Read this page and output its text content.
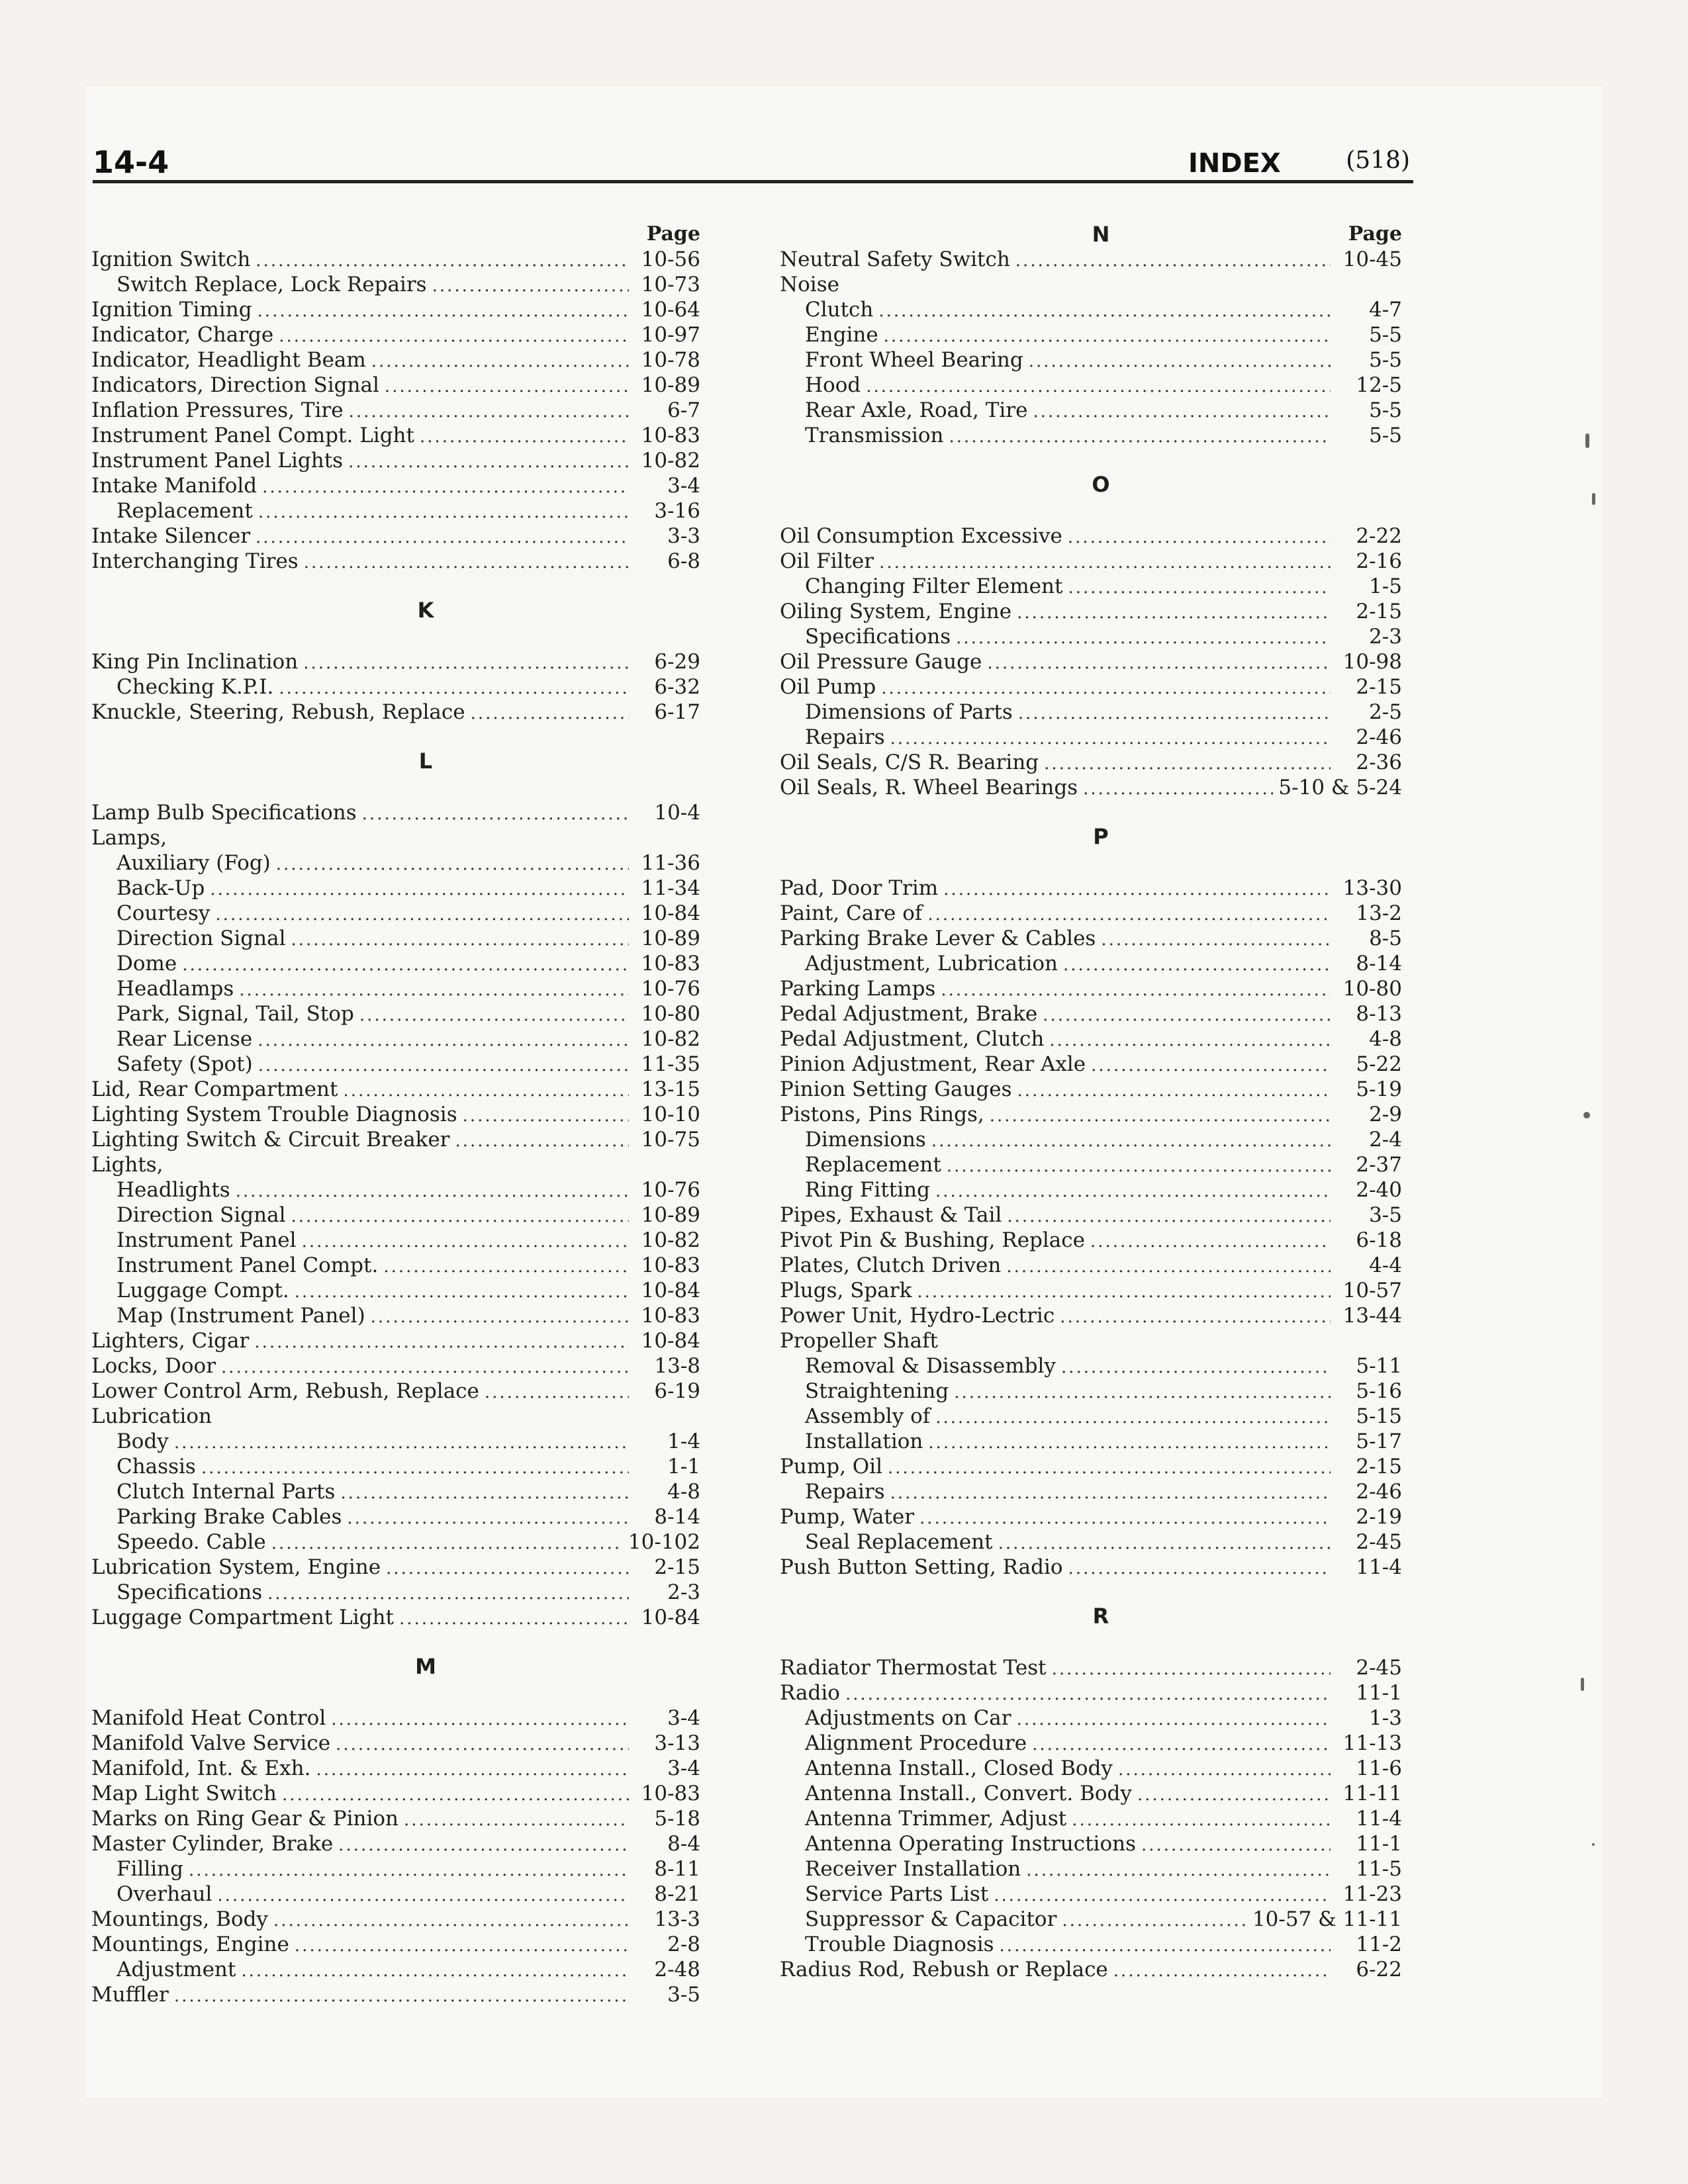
14-4	INDEX	(518)
Page
Ignition Switch .....	10-56
Switch Replace, Lock Repairs .....	10-73
Ignition Timing .....	10-64
Indicator, Charge .....	10-97
Indicator, Headlight Beam .....	10-78
Indicators, Direction Signal .....	10-89
Inflation Pressures, Tire .....	6-7
Instrument Panel Compt. Light .....	10-83
Instrument Panel Lights .....	10-82
Intake Manifold .....	3-4
Replacement .....	3-16
Intake Silencer .....	3-3
Interchanging Tires .....	6-8
K
King Pin Inclination .....	6-29
Checking K.P.I. .....	6-32
Knuckle, Steering, Rebush, Replace .....	6-17
L
Lamp Bulb Specifications .....	10-4
Lamps,
Auxiliary (Fog) .....	11-36
Back-Up .....	11-34
Courtesy .....	10-84
Direction Signal .....	10-89
Dome .....	10-83
Headlamps .....	10-76
Park, Signal, Tail, Stop .....	10-80
Rear License .....	10-82
Safety (Spot) .....	11-35
Lid, Rear Compartment .....	13-15
Lighting System Trouble Diagnosis .....	10-10
Lighting Switch & Circuit Breaker .....	10-75
Lights,
Headlights .....	10-76
Direction Signal .....	10-89
Instrument Panel .....	10-82
Instrument Panel Compt. .....	10-83
Luggage Compt. .....	10-84
Map (Instrument Panel) .....	10-83
Lighters, Cigar .....	10-84
Locks, Door .....	13-8
Lower Control Arm, Rebush, Replace .....	6-19
Lubrication
Body .....	1-4
Chassis .....	1-1
Clutch Internal Parts .....	4-8
Parking Brake Cables .....	8-14
Speedo. Cable .....	10-102
Lubrication System, Engine .....	2-15
Specifications .....	2-3
Luggage Compartment Light .....	10-84
M
Manifold Heat Control .....	3-4
Manifold Valve Service .....	3-13
Manifold, Int. & Exh. .....	3-4
Map Light Switch .....	10-83
Marks on Ring Gear & Pinion .....	5-18
Master Cylinder, Brake .....	8-4
Filling .....	8-11
Overhaul .....	8-21
Mountings, Body .....	13-3
Mountings, Engine .....	2-8
Adjustment .....	2-48
Muffler .....	3-5
Page
N
Neutral Safety Switch .....	10-45
Noise
Clutch .....	4-7
Engine .....	5-5
Front Wheel Bearing .....	5-5
Hood .....	12-5
Rear Axle, Road, Tire .....	5-5
Transmission .....	5-5
O
Oil Consumption Excessive .....	2-22
Oil Filter .....	2-16
Changing Filter Element .....	1-5
Oiling System, Engine .....	2-15
Specifications .....	2-3
Oil Pressure Gauge .....	10-98
Oil Pump .....	2-15
Dimensions of Parts .....	2-5
Repairs .....	2-46
Oil Seals, C/S R. Bearing .....	2-36
Oil Seals, R. Wheel Bearings .....	5-10 & 5-24
P
Pad, Door Trim .....	13-30
Paint, Care of .....	13-2
Parking Brake Lever & Cables .....	8-5
Adjustment, Lubrication .....	8-14
Parking Lamps .....	10-80
Pedal Adjustment, Brake .....	8-13
Pedal Adjustment, Clutch .....	4-8
Pinion Adjustment, Rear Axle .....	5-22
Pinion Setting Gauges .....	5-19
Pistons, Pins Rings, .....	2-9
Dimensions .....	2-4
Replacement .....	2-37
Ring Fitting .....	2-40
Pipes, Exhaust & Tail .....	3-5
Pivot Pin & Bushing, Replace .....	6-18
Plates, Clutch Driven .....	4-4
Plugs, Spark .....	10-57
Power Unit, Hydro-Lectric .....	13-44
Propeller Shaft
Removal & Disassembly .....	5-11
Straightening .....	5-16
Assembly of .....	5-15
Installation .....	5-17
Pump, Oil .....	2-15
Repairs .....	2-46
Pump, Water .....	2-19
Seal Replacement .....	2-45
Push Button Setting, Radio .....	11-4
R
Radiator Thermostat Test .....	2-45
Radio .....	11-1
Adjustments on Car .....	1-3
Alignment Procedure .....	11-13
Antenna Install., Closed Body .....	11-6
Antenna Install., Convert. Body .....	11-11
Antenna Trimmer, Adjust .....	11-4
Antenna Operating Instructions .....	11-1
Receiver Installation .....	11-5
Service Parts List .....	11-23
Suppressor & Capacitor .....	10-57 & 11-11
Trouble Diagnosis .....	11-2
Radius Rod, Rebush or Replace .....	6-22
